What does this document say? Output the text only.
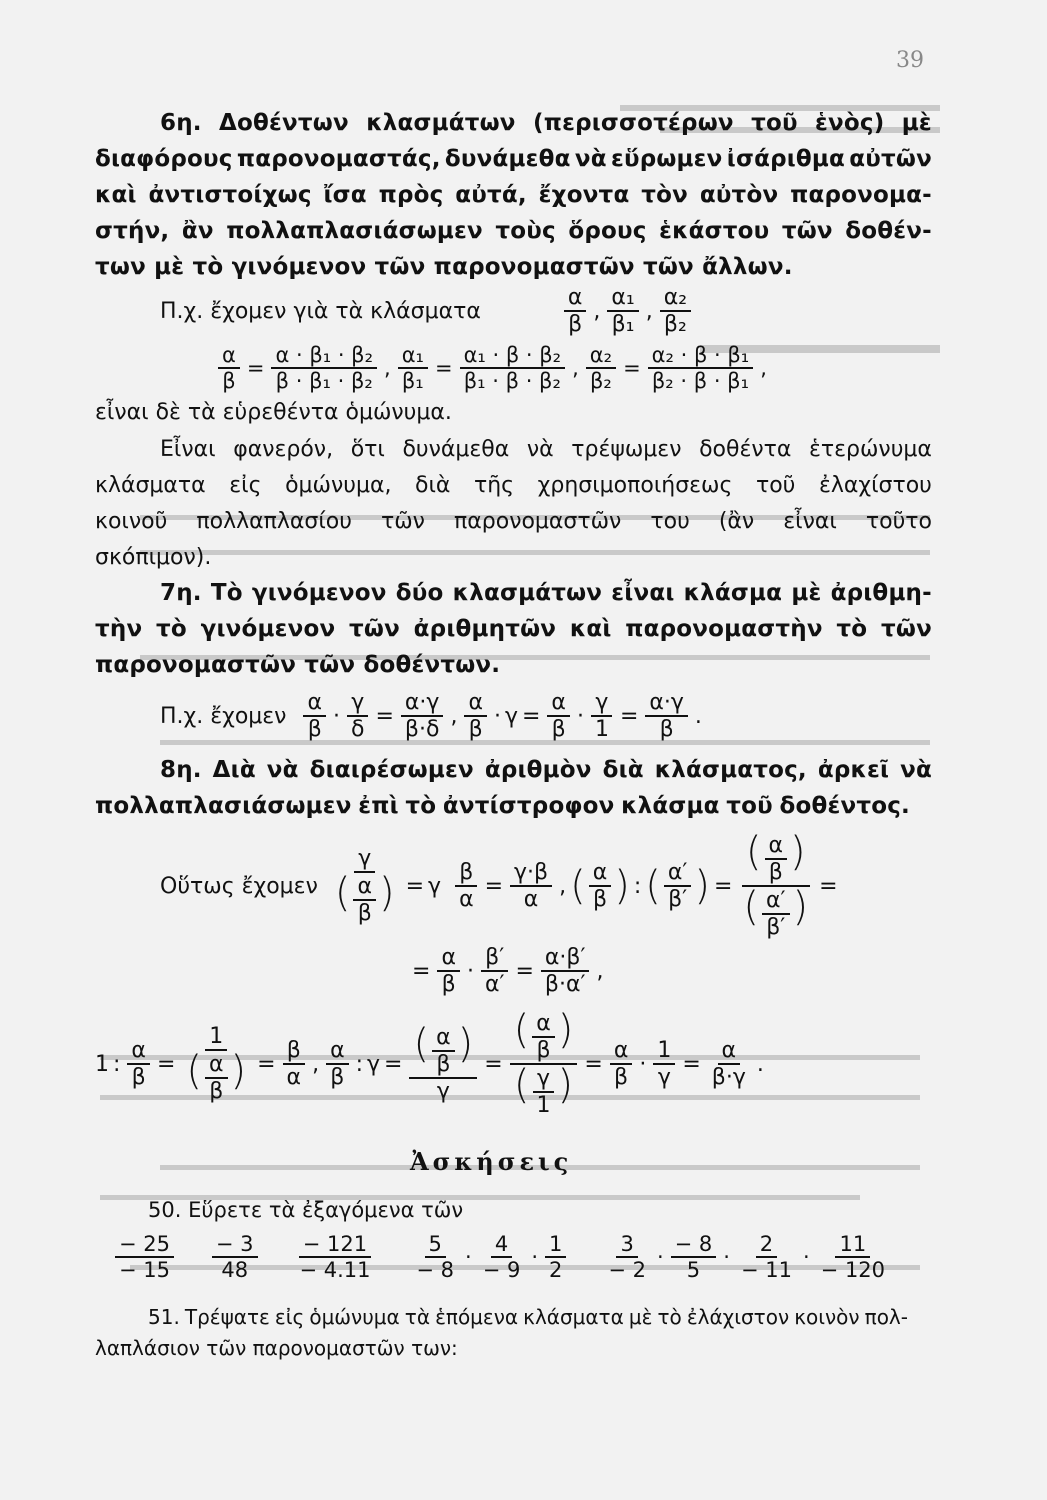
39
6η. Δοθέντων κλασμάτων (περισσοτέρων τοῦ ἑνὸς) μὲ
διαφόρους παρονομαστάς, δυνάμεθα νὰ εὕρωμεν ἰσάριθμα αὐτῶν
καὶ ἀντιστοίχως ἴσα πρὸς αὐτά, ἔχοντα τὸν αὐτὸν παρονομα-
στήν, ἂν πολλαπλασιάσωμεν τοὺς ὅρους ἑκάστου τῶν δοθέν-
των μὲ τὸ γινόμενον τῶν παρονομαστῶν τῶν ἄλλων.
Π.χ. ἔχομεν γιὰ τὰ κλάσματα	$\frac{\alpha}{\beta}$ , $\frac{\text{α₁}}{\text{β₁}}$ , $\frac{\text{α₂}}{\text{β₂}}$
$\frac{\alpha}{\beta} = \frac{\text{α · β₁ · β₂}}{\text{β · β₁ · β₂}}$ , $\frac{\text{α₁}}{\text{β₁}} = \frac{\text{α₁ · β · β₂}}{\text{β₁ · β · β₂}}$ , $\frac{\text{α₂}}{\text{β₂}} = \frac{\text{α₂ · β · β₁}}{\text{β₂ · β · β₁}}$ ,
εἶναι δὲ τὰ εὑρεθέντα ὁμώνυμα.
Εἶναι φανερόν, ὅτι δυνάμεθα νὰ τρέψωμεν δοθέντα ἑτερώνυμα
κλάσματα εἰς ὁμώνυμα, διὰ τῆς χρησιμοποιήσεως τοῦ ἐλαχίστου
κοινοῦ πολλαπλασίου τῶν παρονομαστῶν του (ἂν εἶναι τοῦτο
σκόπιμον).
7η. Τὸ γινόμενον δύο κλασμάτων εἶναι κλάσμα μὲ ἀριθμη-
τὴν τὸ γινόμενον τῶν ἀριθμητῶν καὶ παρονομαστὴν τὸ τῶν
παρονομαστῶν τῶν δοθέντων.
Π.χ. ἔχομεν $\frac{\alpha}{\beta} \cdot \frac{\gamma}{\delta} = \frac{\alpha\cdot\gamma}{\beta\cdot\delta}$ , $\frac{\alpha}{\beta} \cdot \gamma = \frac{\alpha}{\beta} \cdot \frac{\gamma}{1} = \frac{\alpha\cdot\gamma}{\beta}$ .
8η. Διὰ νὰ διαιρέσωμεν ἀριθμὸν διὰ κλάσματος, ἀρκεῖ νὰ
πολλαπλασιάσωμεν ἐπὶ τὸ ἀντίστροφον κλάσμα τοῦ δοθέντος.
Οὕτως ἔχομεν $\frac{\gamma}{( \frac{\alpha}{\beta} )} = \gamma \frac{\beta}{\alpha} = \frac{\gamma\cdot\beta}{\alpha}$ , ( $\frac{\alpha}{\beta}$ ) : ( $\frac{\alpha'}{\beta'}$ ) = $\frac{( \frac{\alpha}{\beta} )}{( \frac{\alpha'}{\beta'} )}$ =
= $\frac{\alpha}{\beta} \cdot \frac{\beta'}{\alpha'} = \frac{\alpha\cdot\beta'}{\beta\cdot\alpha'}$ ,
1 : $\frac{\alpha}{\beta} = \frac{1}{( \frac{\alpha}{\beta} )} = \frac{\beta}{\alpha}$ , $\frac{\alpha}{\beta}$ : $\gamma = \frac{( \frac{\alpha}{\beta} )}{\gamma} = \frac{( \frac{\alpha}{\beta} )}{( \frac{\gamma}{1} )} = \frac{\alpha}{\beta} \cdot \frac{1}{\gamma} = \frac{\alpha}{\beta\cdot\gamma}$ .
Ἀσκήσεις
50. Εὕρετε τὰ ἐξαγόμενα τῶν
$\frac{- 25}{- 15} \frac{- 3}{48} \frac{- 121}{- 4.11} \frac{5}{- 8} \cdot \frac{4}{- 9} \cdot \frac{1}{2} \frac{3}{- 2} \cdot \frac{- 8}{5} \cdot \frac{2}{- 11} \cdot \frac{11}{- 120}$
51. Τρέψατε εἰς ὁμώνυμα τὰ ἑπόμενα κλάσματα μὲ τὸ ἐλάχιστον κοινὸν πολ-
λαπλάσιον τῶν παρονομαστῶν των:
